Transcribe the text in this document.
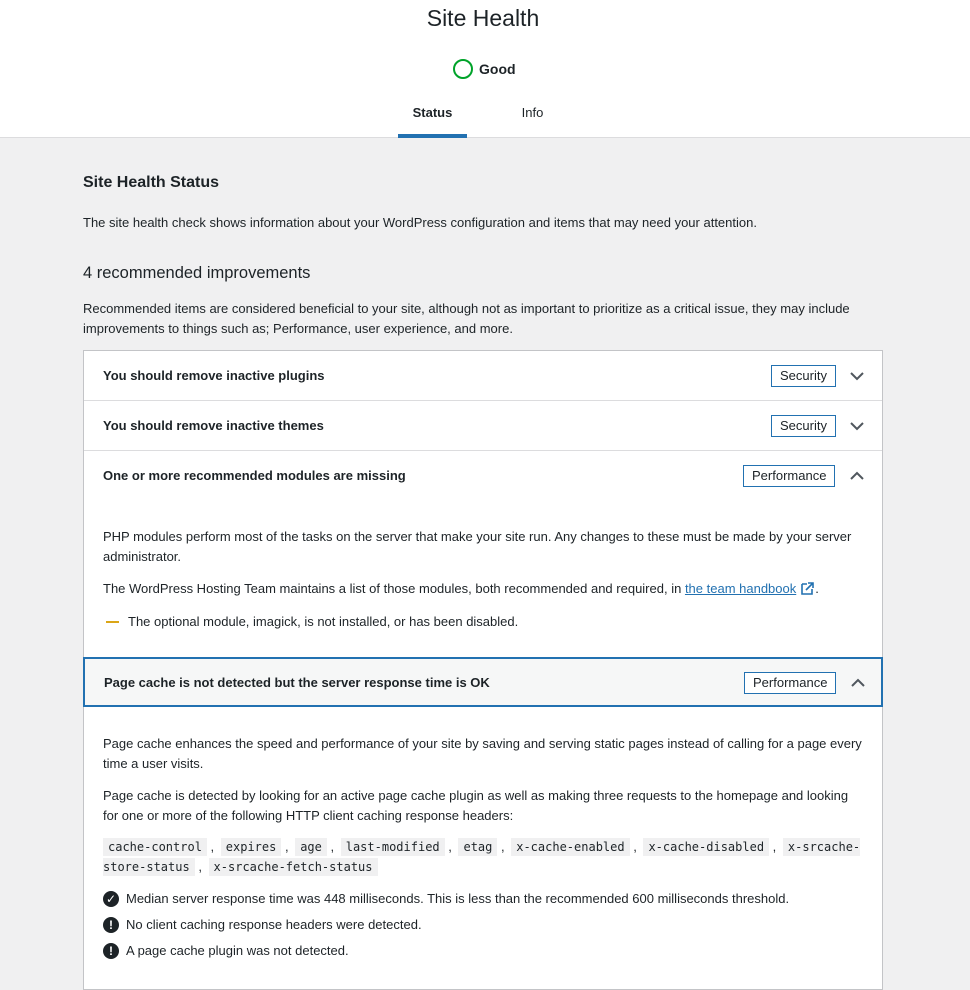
Site Health
Good
Status	Info
Site Health Status
The site health check shows information about your WordPress configuration and items that may need your attention.
4 recommended improvements
Recommended items are considered beneficial to your site, although not as important to prioritize as a critical issue, they may include improvements to things such as; Performance, user experience, and more.
You should remove inactive plugins	Security
You should remove inactive themes	Security
One or more recommended modules are missing	Performance
PHP modules perform most of the tasks on the server that make your site run. Any changes to these must be made by your server administrator.
The WordPress Hosting Team maintains a list of those modules, both recommended and required, in the team handbook .
The optional module, imagick, is not installed, or has been disabled.
Page cache is not detected but the server response time is OK	Performance
Page cache enhances the speed and performance of your site by saving and serving static pages instead of calling for a page every time a user visits.
Page cache is detected by looking for an active page cache plugin as well as making three requests to the homepage and looking for one or more of the following HTTP client caching response headers:
cache-control , expires , age , last-modified , etag , x-cache-enabled , x-cache-disabled , x-srcache-store-status , x-srcache-fetch-status
✓ Median server response time was 448 milliseconds. This is less than the recommended 600 milliseconds threshold.
!	No client caching response headers were detected.
!	A page cache plugin was not detected.
